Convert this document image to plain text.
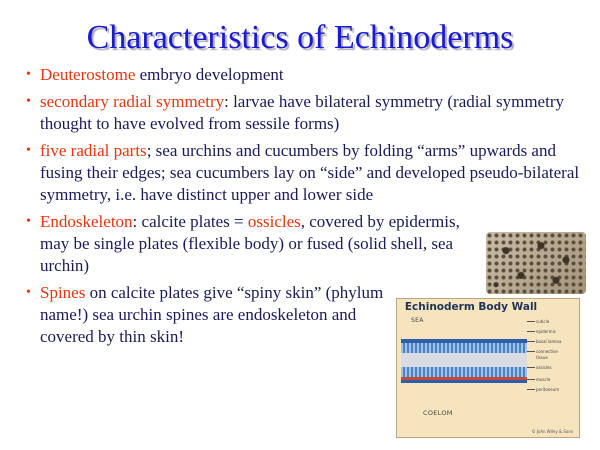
Characteristics of Echinoderms
• Deuterostome embryo development
• secondary radial symmetry: larvae have bilateral symmetry (radial symmetry thought to have evolved from sessile forms)
• five radial parts; sea urchins and cucumbers by folding “arms” upwards and fusing their edges; sea cucumbers lay on “side” and developed pseudo-bilateral symmetry, i.e. have distinct upper and lower side
• Endoskeleton: calcite plates = ossicles, covered by epidermis, may be single plates (flexible body) or fused (solid shell, sea urchin)
• Spines on calcite plates give “spiny skin” (phylum name!) sea urchin spines are endoskeleton and covered by thin skin!
Echinoderm Body Wall
SEA
COELOM
cuticle
epidermis
basal lamina
connective
tissue
ossicles
muscle
peritoneum
© John Wiley & Sons
